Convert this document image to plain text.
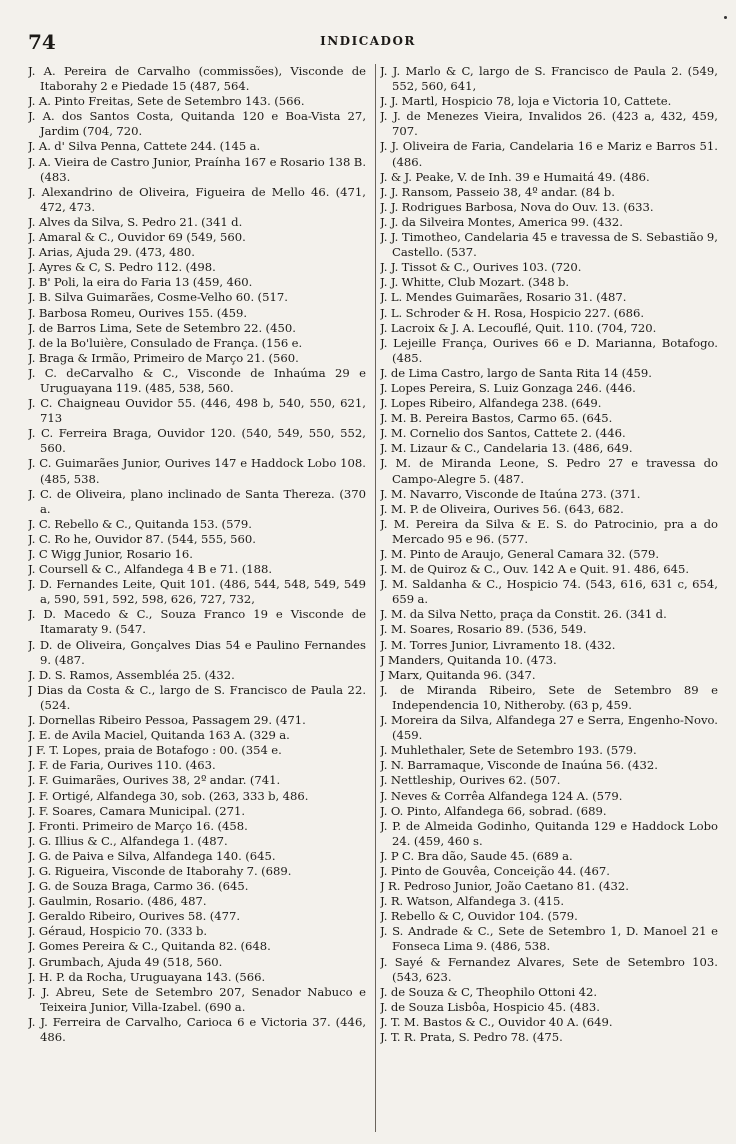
74	INDICADOR

J. A. Pereira de Carvalho (commissões), Visconde de Itaborahy 2 e Piedade 15 (487, 564.

J. A. Pinto Freitas, Sete de Setembro 143. (566.

J. A. dos Santos Costa, Quitanda 120 e Boa-Vista 27, Jardim (704, 720.

J. A. d' Silva Penna, Cattete 244. (145 a.

J. A. Vieira de Castro Junior, Praínha 167 e Rosario 138 B. (483.

J. Alexandrino de Oliveira, Figueira de Mello 46. (471, 472, 473.

J. Alves da Silva, S. Pedro 21. (341 d.

J. Amaral & C., Ouvidor 69 (549, 560.

J. Arias, Ajuda 29. (473, 480.

J. Ayres & C, S. Pedro 112. (498.

J. B' Poli, la eira do Faria 13 (459, 460.

J. B. Silva Guimarães, Cosme-Velho 60. (517.

J. Barbosa Romeu, Ourives 155. (459.

J. de Barros Lima, Sete de Setembro 22. (450.

J. de la Bo'luière, Consulado de França. (156 e.

J. Braga & Irmão, Primeiro de Março 21. (560.

J. C. deCarvalho & C., Visconde de Inhaúma 29 e Uruguayana 119. (485, 538, 560.

J. C. Chaigneau Ouvidor 55. (446, 498 b, 540, 550, 621, 713

J. C. Ferreira Braga, Ouvidor 120. (540, 549, 550, 552, 560.

J. C. Guimarães Junior, Ourives 147 e Haddock Lobo 108. (485, 538.

J. C. de Oliveira, plano inclinado de Santa Thereza. (370 a.

J. C. Rebello & C., Quitanda 153. (579.

J. C. Ro he, Ouvidor 87. (544, 555, 560.

J. C Wigg Junior, Rosario 16.

J. Coursell & C., Alfandega 4 B e 71. (188.

J. D. Fernandes Leite, Quit 101. (486, 544, 548, 549, 549 a, 590, 591, 592, 598, 626, 727, 732,

J. D. Macedo & C., Souza Franco 19 e Visconde de Itamaraty 9. (547.

J. D. de Oliveira, Gonçalves Dias 54 e Paulino Fernandes 9. (487.

J. D. S. Ramos, Assembléa 25. (432.

J Dias da Costa & C., largo de S. Francisco de Paula 22. (524.

J. Dornellas Ribeiro Pessoa, Passagem 29. (471.

J. E. de Avila Maciel, Quitanda 163 A. (329 a.

J F. T. Lopes, praia de Botafogo : 00. (354 e.

J. F. de Faria, Ourives 110. (463.

J. F. Guimarães, Ourives 38, 2º andar. (741.

J. F. Ortigé, Alfandega 30, sob. (263, 333 b, 486.

J. F. Soares, Camara Municipal. (271.

J. Fronti. Primeiro de Março 16. (458.

J. G. Illius & C., Alfandega 1. (487.

J. G. de Paiva e Silva, Alfandega 140. (645.

J. G. Rigueira, Visconde de Itaborahy 7. (689.

J. G. de Souza Braga, Carmo 36. (645.

J. Gaulmin, Rosario. (486, 487.

J. Geraldo Ribeiro, Ourives 58. (477.

J. Géraud, Hospicio 70. (333 b.

J. Gomes Pereira & C., Quitanda 82. (648.

J. Grumbach, Ajuda 49 (518, 560.

J. H. P. da Rocha, Uruguayana 143. (566.

J. J. Abreu, Sete de Setembro 207, Senador Nabuco e Teixeira Junior, Villa-Izabel. (690 a.

J. J. Ferreira de Carvalho, Carioca 6 e Victoria 37. (446, 486.

J. J. Marlo & C, largo de S. Francisco de Paula 2. (549, 552, 560, 641,

J. J. Martl, Hospicio 78, loja e Victoria 10, Cattete.

J. J. de Menezes Vieira, Invalidos 26. (423 a, 432, 459, 707.

J. J. Oliveira de Faria, Candelaria 16 e Mariz e Barros 51. (486.

J. & J. Peake, V. de Inh. 39 e Humaitá 49. (486.

J. J. Ransom, Passeio 38, 4º andar. (84 b.

J. J. Rodrigues Barbosa, Nova do Ouv. 13. (633.

J. J. da Silveira Montes, America 99. (432.

J. J. Timotheo, Candelaria 45 e travessa de S. Sebastião 9, Castello. (537.

J. J. Tissot & C., Ourives 103. (720.

J. J. Whitte, Club Mozart. (348 b.

J. L. Mendes Guimarães, Rosario 31. (487.

J. L. Schroder & H. Rosa, Hospicio 227. (686.

J. Lacroix & J. A. Lecouflé, Quit. 110. (704, 720.

J. Lejeille França, Ourives 66 e D. Marianna, Botafogo. (485.

J. de Lima Castro, largo de Santa Rita 14 (459.

J. Lopes Pereira, S. Luiz Gonzaga 246. (446.

J. Lopes Ribeiro, Alfandega 238. (649.

J. M. B. Pereira Bastos, Carmo 65. (645.

J. M. Cornelio dos Santos, Cattete 2. (446.

J. M. Lizaur & C., Candelaria 13. (486, 649.

J. M. de Miranda Leone, S. Pedro 27 e travessa do Campo-Alegre 5. (487.

J. M. Navarro, Visconde de Itaúna 273. (371.

J. M. P. de Oliveira, Ourives 56. (643, 682.

J. M. Pereira da Silva & E. S. do Patrocinio, pra a do Mercado 95 e 96. (577.

J. M. Pinto de Araujo, General Camara 32. (579.

J. M. de Quiroz & C., Ouv. 142 A e Quit. 91. 486, 645.

J. M. Saldanha & C., Hospicio 74. (543, 616, 631 c, 654, 659 a.

J. M. da Silva Netto, praça da Constit. 26. (341 d.

J. M. Soares, Rosario 89. (536, 549.

J. M. Torres Junior, Livramento 18. (432.

J Manders, Quitanda 10. (473.

J Marx, Quitanda 96. (347.

J. de Miranda Ribeiro, Sete de Setembro 89 e Independencia 10, Nitheroby. (63 p, 459.

J. Moreira da Silva, Alfandega 27 e Serra, Engenho-Novo. (459.

J. Muhlethaler, Sete de Setembro 193. (579.

J. N. Barramaque, Visconde de Inaúna 56. (432.

J. Nettleship, Ourives 62. (507.

J. Neves & Corrêa Alfandega 124 A. (579.

J. O. Pinto, Alfandega 66, sobrad. (689.

J. P. de Almeida Godinho, Quitanda 129 e Haddock Lobo 24. (459, 460 s.

J. P C. Bra dão, Saude 45. (689 a.

J. Pinto de Gouvêa, Conceição 44. (467.

J R. Pedroso Junior, João Caetano 81. (432.

J. R. Watson, Alfandega 3. (415.

J. Rebello & C, Ouvidor 104. (579.

J. S. Andrade & C., Sete de Setembro 1, D. Manoel 21 e Fonseca Lima 9. (486, 538.

J. Sayé & Fernandez Alvares, Sete de Setembro 103. (543, 623.

J. de Souza & C, Theophilo Ottoni 42.

J. de Souza Lisbôa, Hospicio 45. (483.

J. T. M. Bastos & C., Ouvidor 40 A. (649.

J. T. R. Prata, S. Pedro 78. (475.
